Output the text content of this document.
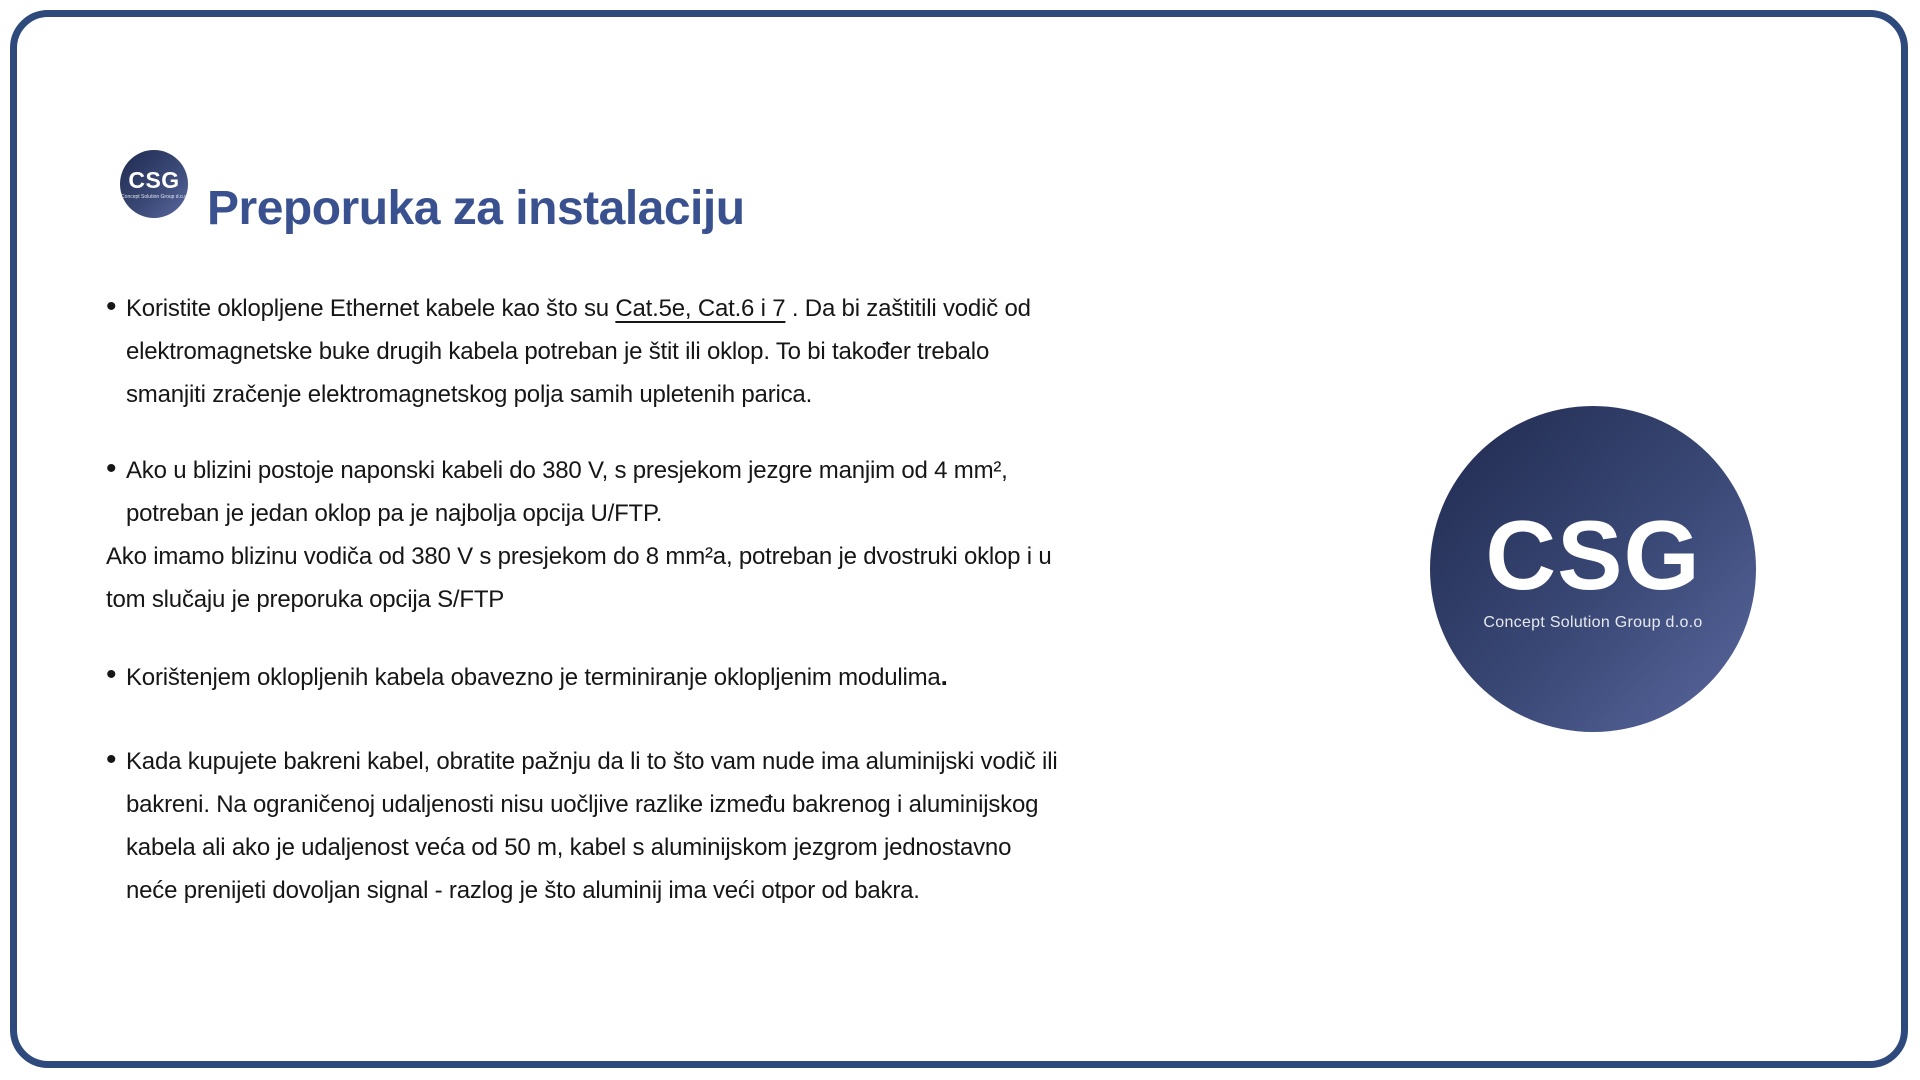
CSG
Concept Solution Group d.o.o Preporuka za instalaciju

• Koristite oklopljene Ethernet kabele kao što su Cat.5e, Cat.6 i 7 . Da bi zaštitili vodič od elektromagnetske buke drugih kabela potreban je štit ili oklop. To bi također trebalo smanjiti zračenje elektromagnetskog polja samih upletenih parica.

• Ako u blizini postoje naponski kabeli do 380 V, s presjekom jezgre manjim od 4 mm², potreban je jedan oklop pa je najbolja opcija U/FTP.

Ako imamo blizinu vodiča od 380 V s presjekom do 8 mm²a, potreban je dvostruki oklop i u tom slučaju je preporuka opcija S/FTP

• Korištenjem oklopljenih kabela obavezno je terminiranje oklopljenim modulima.

• Kada kupujete bakreni kabel, obratite pažnju da li to što vam nude ima aluminijski vodič ili bakreni. Na ograničenoj udaljenosti nisu uočljive razlike između bakrenog i aluminijskog kabela ali ako je udaljenost veća od 50 m, kabel s aluminijskom jezgrom jednostavno neće prenijeti dovoljan signal - razlog je što aluminij ima veći otpor od bakra.

CSG
Concept Solution Group d.o.o
